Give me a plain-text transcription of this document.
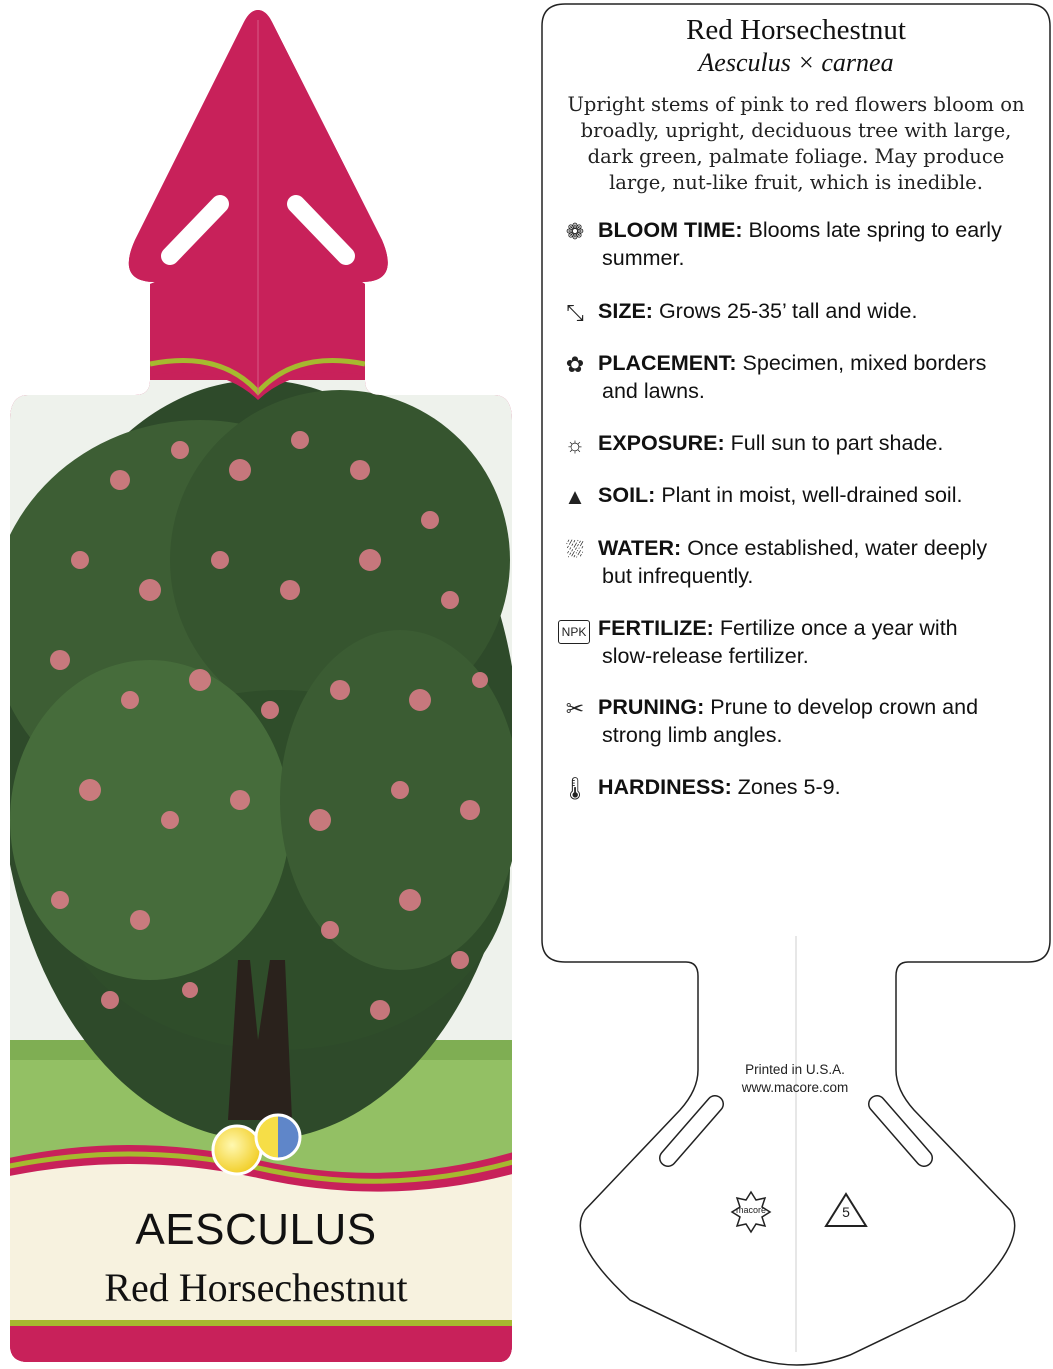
AESCULUS
Red Horsechestnut
Red Horsechestnut
Aesculus × carnea
Upright stems of pink to red flowers bloom on broadly, upright, deciduous tree with large, dark green, palmate foliage. May produce large, nut-like fruit, which is inedible.
❁ BLOOM TIME: Blooms late spring to early
summer.
⤡ SIZE: Grows 25-35’ tall and wide.
✿ PLACEMENT: Specimen, mixed borders
and lawns.
☼ EXPOSURE: Full sun to part shade.
▲ SOIL: Plant in moist, well-drained soil.
⛆ WATER: Once established, water deeply
but infrequently.
NPK FERTILIZE: Fertilize once a year with
slow-release fertilizer.
✂ PRUNING: Prune to develop crown and
strong limb angles.
🌡 HARDINESS: Zones 5-9.
Printed in U.S.A.
www.macore.com
macore	5
